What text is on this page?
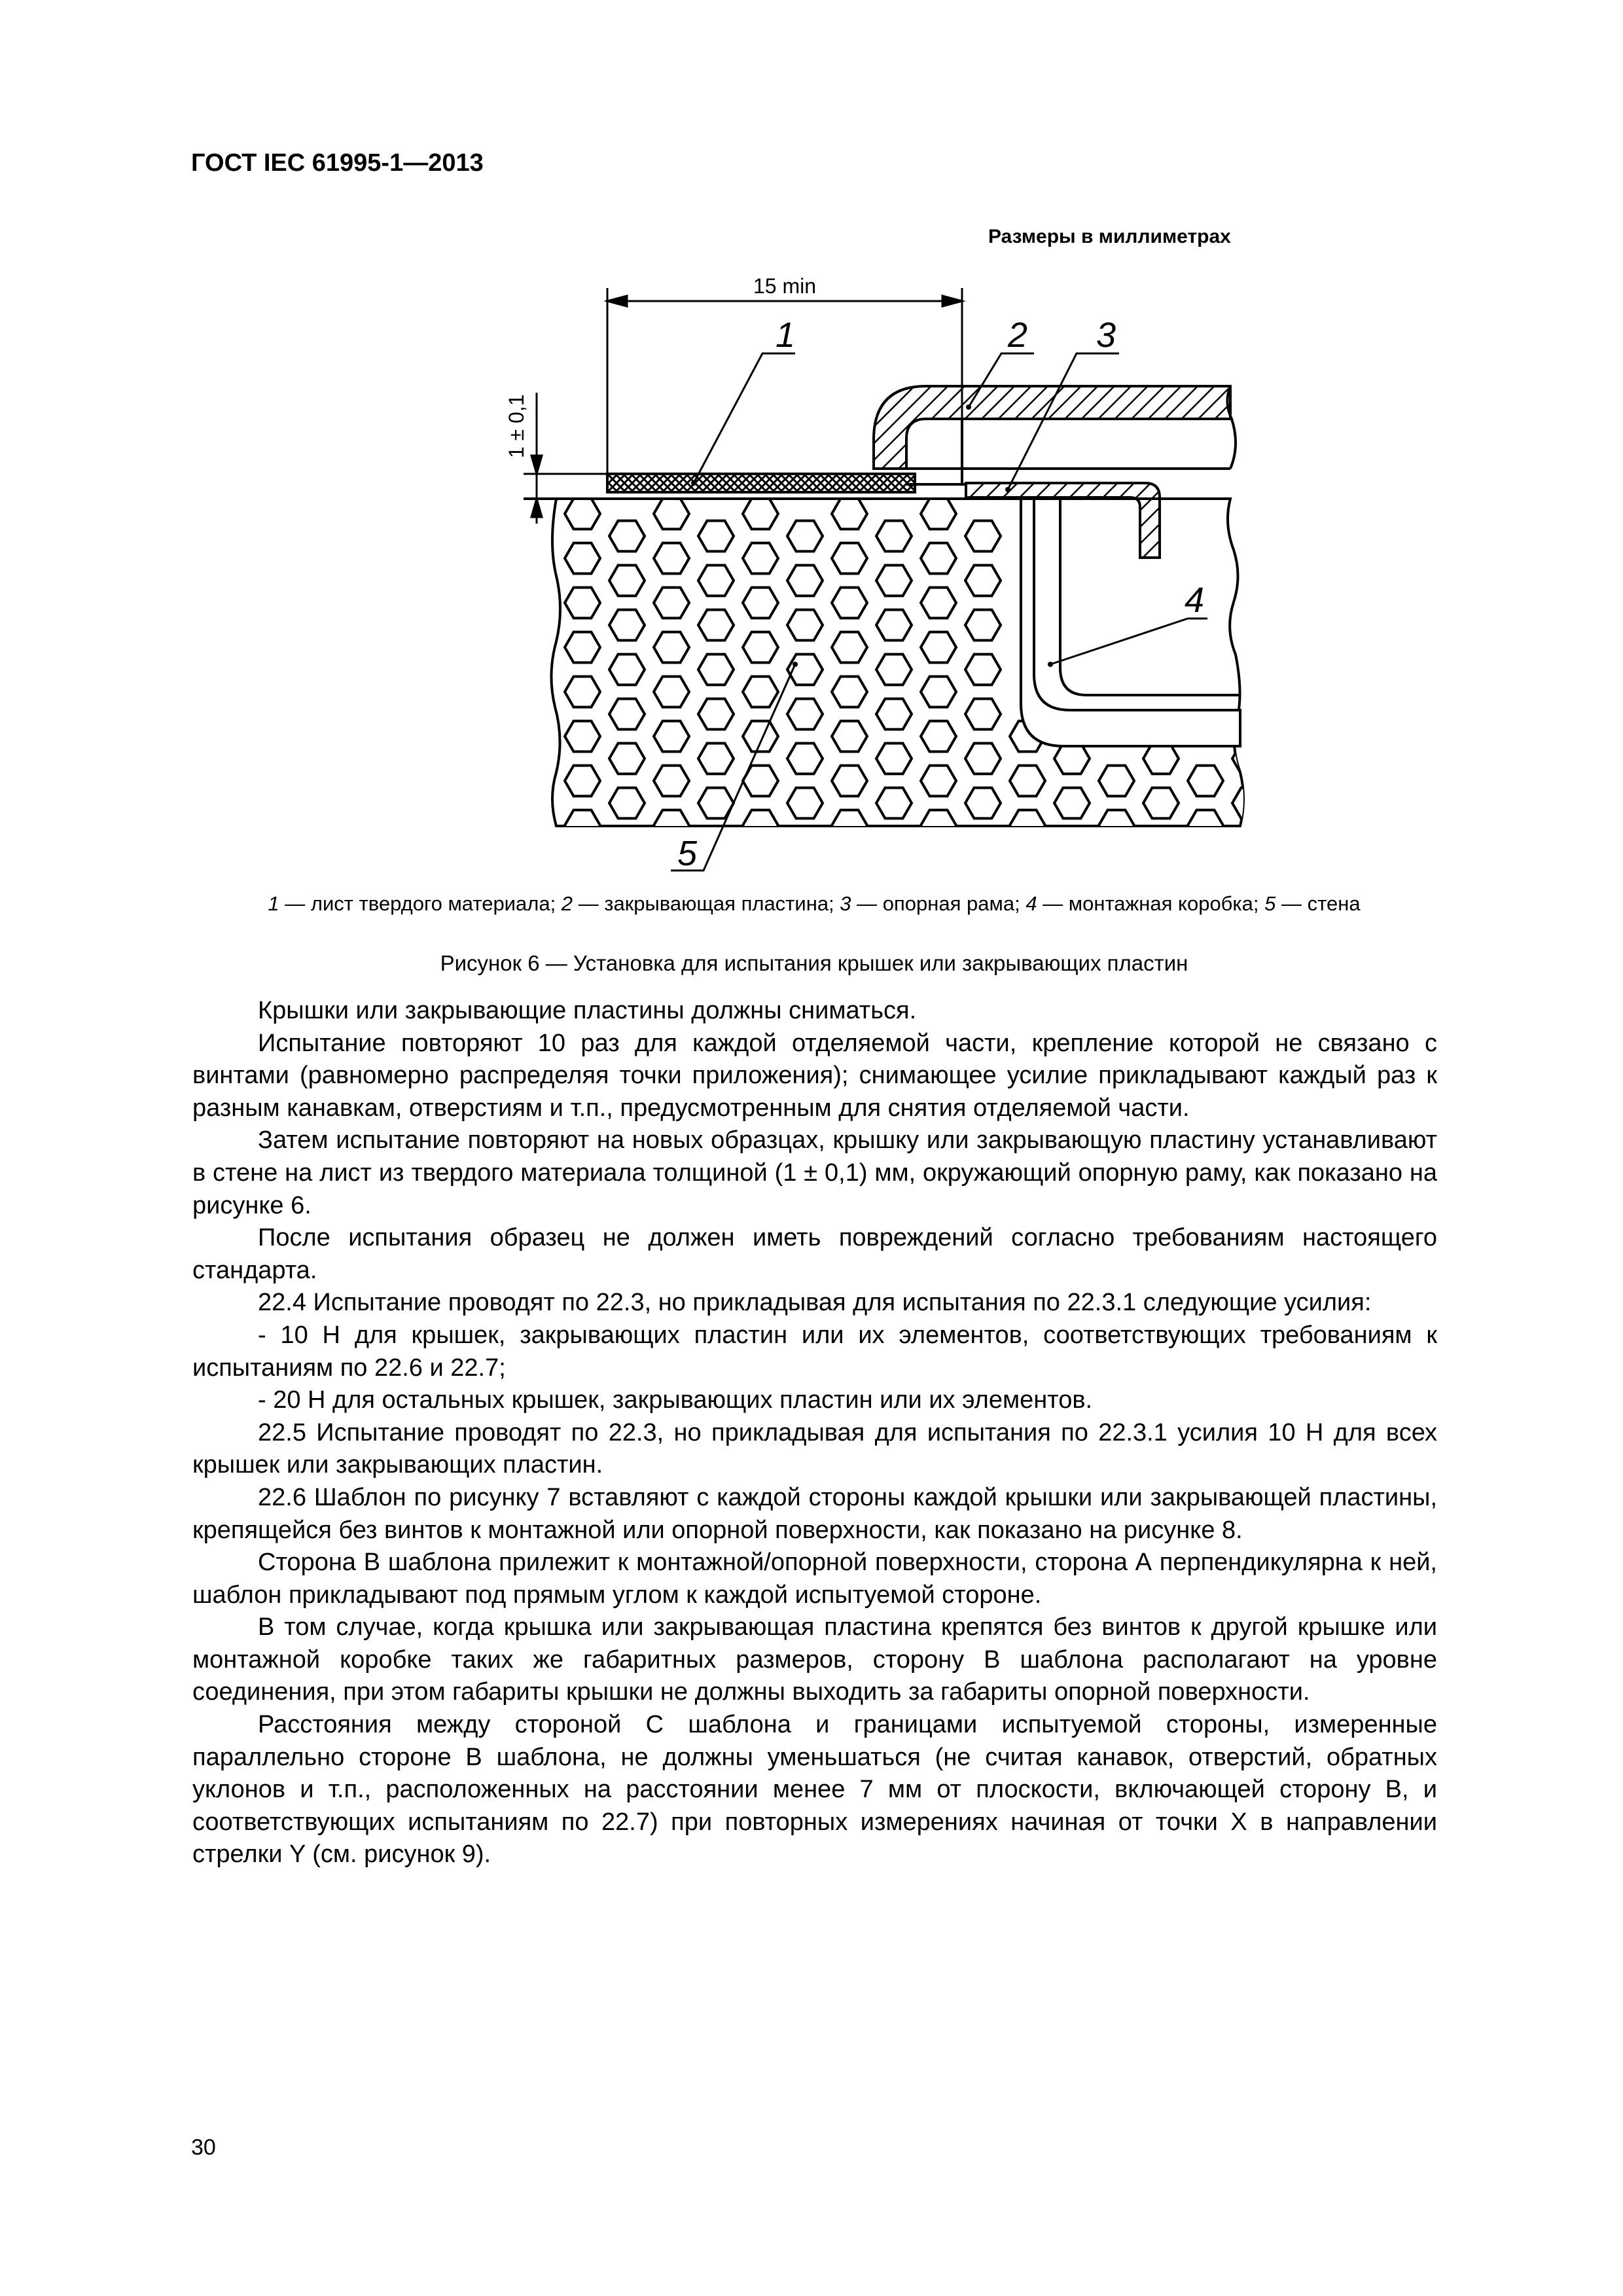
ГОСТ IEC 61995-1—2013
Размеры в миллиметрах
15 min
1 ± 0,1
1	2 3
4
5
1 — лист твердого материала; 2 — закрывающая пластина; 3 — опорная рама; 4 — монтажная коробка; 5 — стена
Рисунок 6 — Установка для испытания крышек или закрывающих пластин

Крышки или закрывающие пластины должны сниматься.

Испытание повторяют 10 раз для каждой отделяемой части, крепление которой не связано с винтами (равномерно распределяя точки приложения); снимающее усилие прикладывают каждый раз к разным канавкам, отверстиям и т.п., предусмотренным для снятия отделяемой части.

Затем испытание повторяют на новых образцах, крышку или закрывающую пластину устанавливают в стене на лист из твердого материала толщиной (1 ± 0,1) мм, окружающий опорную раму, как показано на рисунке 6.

После испытания образец не должен иметь повреждений согласно требованиям настоящего стандарта.

22.4 Испытание проводят по 22.3, но прикладывая для испытания по 22.3.1 следующие усилия:

- 10 Н для крышек, закрывающих пластин или их элементов, соответствующих требованиям к испытаниям по 22.6 и 22.7;

- 20 Н для остальных крышек, закрывающих пластин или их элементов.

22.5 Испытание проводят по 22.3, но прикладывая для испытания по 22.3.1 усилия 10 Н для всех крышек или закрывающих пластин.

22.6 Шаблон по рисунку 7 вставляют с каждой стороны каждой крышки или закрывающей пластины, крепящейся без винтов к монтажной или опорной поверхности, как показано на рисунке 8.

Сторона В шаблона прилежит к монтажной/опорной поверхности, сторона А перпендикулярна к ней, шаблон прикладывают под прямым углом к каждой испытуемой стороне.

В том случае, когда крышка или закрывающая пластина крепятся без винтов к другой крышке или монтажной коробке таких же габаритных размеров, сторону В шаблона располагают на уровне соединения, при этом габариты крышки не должны выходить за габариты опорной поверхности.

Расстояния между стороной С шаблона и границами испытуемой стороны, измеренные параллельно стороне В шаблона, не должны уменьшаться (не считая канавок, отверстий, обратных уклонов и т.п., расположенных на расстоянии менее 7 мм от плоскости, включающей сторону В, и соответствующих испытаниям по 22.7) при повторных измерениях начиная от точки X в направлении стрелки Y (см. рисунок 9).

30
